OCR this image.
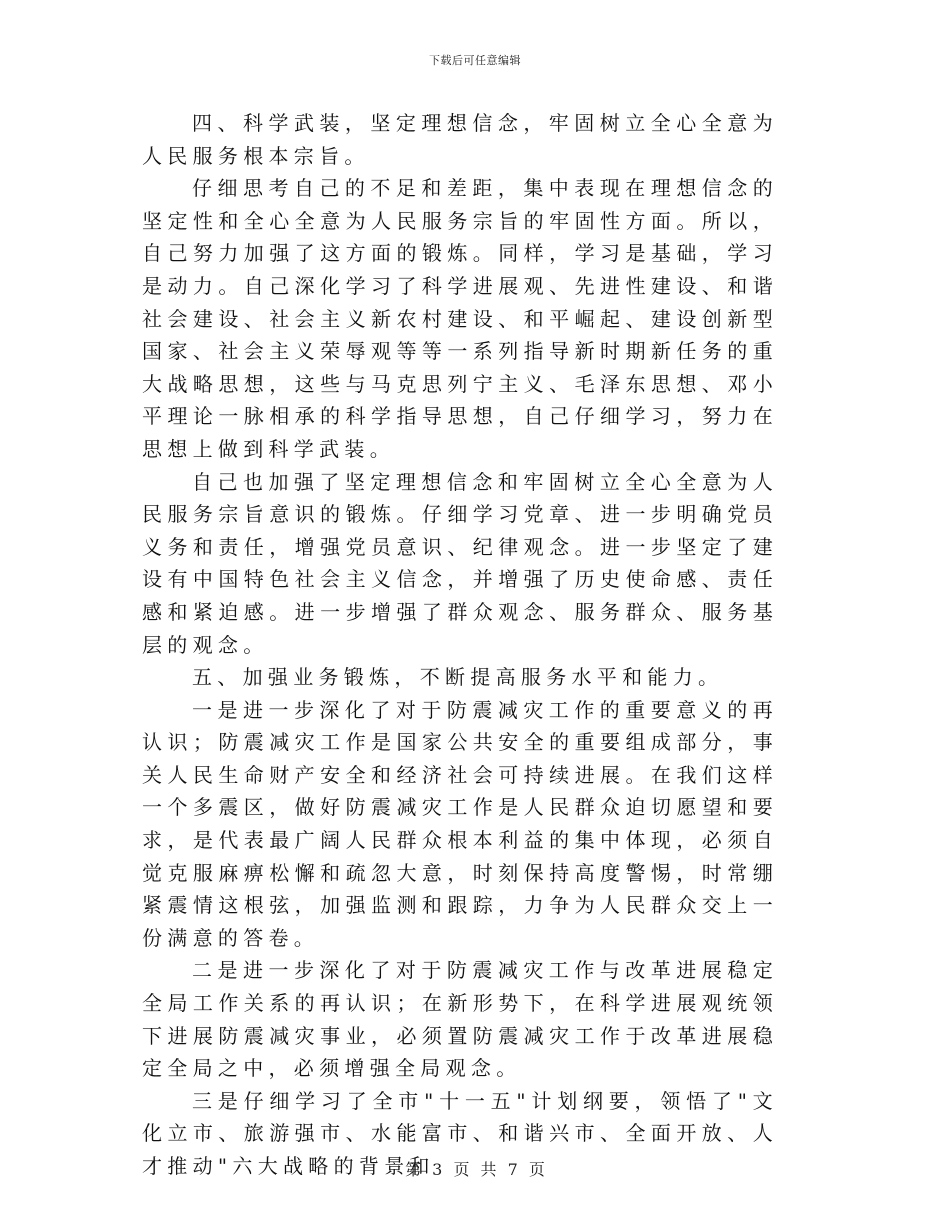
下载后可任意编辑

四、科学武装，坚定理想信念，牢固树立全心全意为人民服务根本宗旨。

仔细思考自己的不足和差距，集中表现在理想信念的坚定性和全心全意为人民服务宗旨的牢固性方面。所以，自己努力加强了这方面的锻炼。同样，学习是基础，学习是动力。自己深化学习了科学进展观、先进性建设、和谐社会建设、社会主义新农村建设、和平崛起、建设创新型国家、社会主义荣辱观等等一系列指导新时期新任务的重大战略思想，这些与马克思列宁主义、毛泽东思想、邓小平理论一脉相承的科学指导思想，自己仔细学习，努力在思想上做到科学武装。

自己也加强了坚定理想信念和牢固树立全心全意为人民服务宗旨意识的锻炼。仔细学习党章、进一步明确党员义务和责任，增强党员意识、纪律观念。进一步坚定了建设有中国特色社会主义信念，并增强了历史使命感、责任感和紧迫感。进一步增强了群众观念、服务群众、服务基层的观念。

五、加强业务锻炼，不断提高服务水平和能力。

一是进一步深化了对于防震减灾工作的重要意义的再认识；防震减灾工作是国家公共安全的重要组成部分，事关人民生命财产安全和经济社会可持续进展。在我们这样一个多震区，做好防震减灾工作是人民群众迫切愿望和要求，是代表最广阔人民群众根本利益的集中体现，必须自觉克服麻痹松懈和疏忽大意，时刻保持高度警惕，时常绷紧震情这根弦，加强监测和跟踪，力争为人民群众交上一份满意的答卷。

二是进一步深化了对于防震减灾工作与改革进展稳定全局工作关系的再认识；在新形势下，在科学进展观统领下进展防震减灾事业，必须置防震减灾工作于改革进展稳定全局之中，必须增强全局观念。

三是仔细学习了全市"十一五"计划纲要，领悟了"文化立市、旅游强市、水能富市、和谐兴市、全面开放、人才推动"六大战略的背景和

第 3 页 共 7 页
